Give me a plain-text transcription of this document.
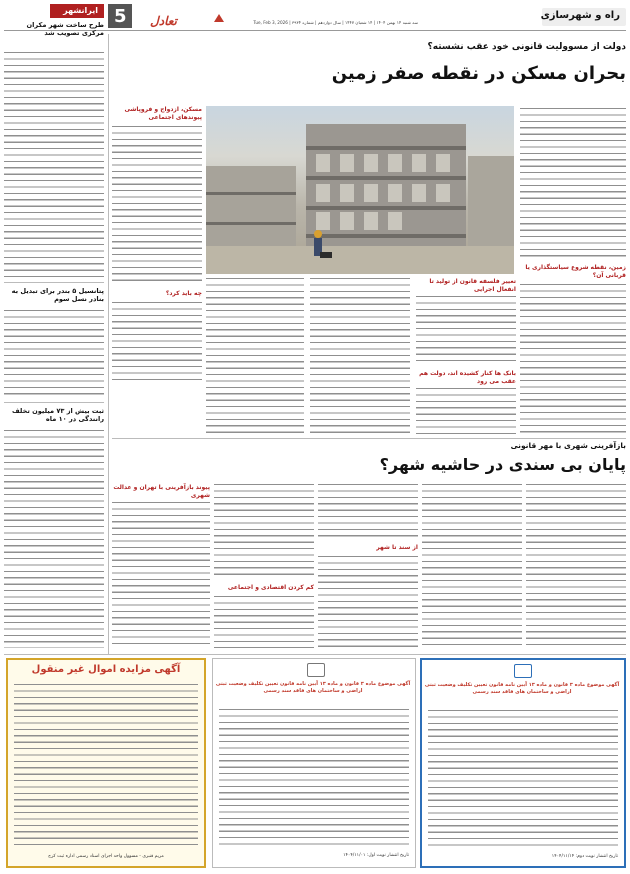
راه و شهرسازی
سه شنبه ۱۴ بهمن ۱۴۰۴ | ۱۴ شعبان ۱۴۴۷ | سال دوازدهم | شماره ۳۹۳۴ | Tue, Feb 3, 2026
تعادل
5
ایرانشهر
طرح ساخت شهر مکران مرکزی تصویب شد
پتانسیل ۵ بندر برای تبدیل به بنادر نسل سوم
ثبت بیش از ۷۳ میلیون تخلف رانندگی در ۱۰ ماه
دولت از مسوولیت قانونی خود عقب نشسته؟
بحران مسکن در نقطه صفر زمین
زمین، نقطه شروع سیاستگذاری یا قربانی آن؟
تغییر فلسفه قانون از تولید تا انفعال اجرایی
بانک ها کنار کشیده اند، دولت هم عقب می رود
مسکن، ازدواج و فروپاشی پیوندهای اجتماعی
چه باید کرد؟
بازآفرینی شهری با مهر قانونی
پایان بی سندی در حاشیه شهر؟
از سند تا شهر
کم کردن اقتصادی و اجتماعی
پیوند بازآفرینی با تهران و عدالت شهری
آگهی مزایده اموال غیر منقول
مریم قنبری - مسوول واحد اجرای اسناد رسمی اداره ثبت کرج
آگهی موضوع ماده ۳ قانون و ماده ۱۳ آیین نامه قانون تعیین تکلیف وضعیت ثبتی اراضی و ساختمان های فاقد سند رسمی
تاریخ انتشار نوبت اول: ۱۴۰۴/۱۱/۰۱
آگهی موضوع ماده ۳ قانون و ماده ۱۳ آیین نامه قانون تعیین تکلیف وضعیت ثبتی اراضی و ساختمان های فاقد سند رسمی
تاریخ انتشار نوبت دوم: ۱۴۰۴/۱۱/۱۴
